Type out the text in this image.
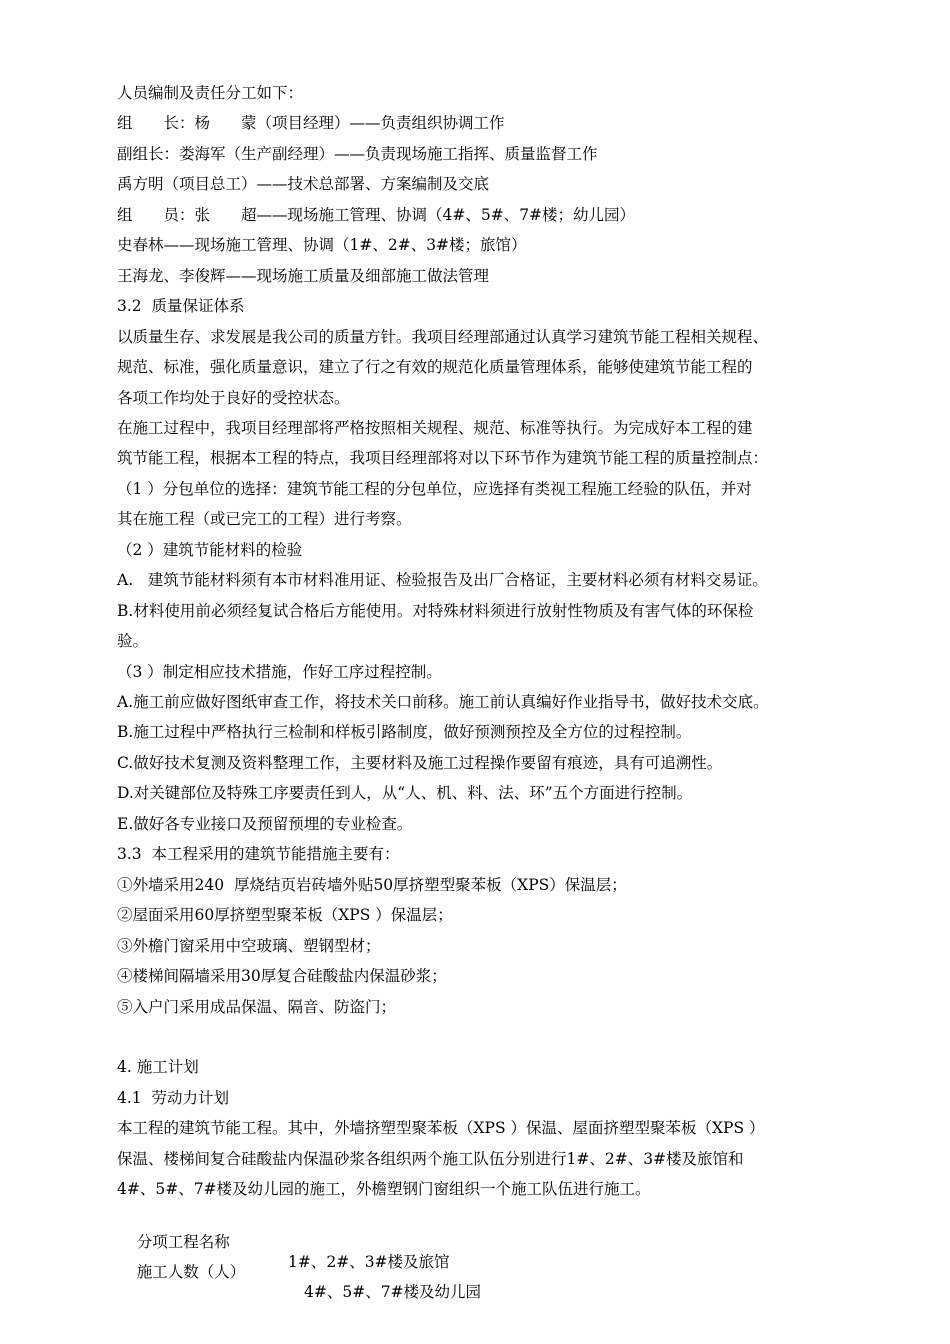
人员编制及责任分工如下：
组　　长：杨　　蒙（项目经理）——负责组织协调工作
副组长：娄海军（生产副经理）——负责现场施工指挥、质量监督工作
禹方明（项目总工）——技术总部署、方案编制及交底
组　　员：张　　超——现场施工管理、协调（4#、5#、7#楼；幼儿园）
史春林——现场施工管理、协调（1#、2#、3#楼；旅馆）
王海龙、李俊辉——现场施工质量及细部施工做法管理
3.2  质量保证体系
以质量生存、求发展是我公司的质量方针。我项目经理部通过认真学习建筑节能工程相关规程、
规范、标准，强化质量意识，建立了行之有效的规范化质量管理体系，能够使建筑节能工程的
各项工作均处于良好的受控状态。
在施工过程中，我项目经理部将严格按照相关规程、规范、标准等执行。为完成好本工程的建
筑节能工程，根据本工程的特点，我项目经理部将对以下环节作为建筑节能工程的质量控制点：
（1 ）分包单位的选择：建筑节能工程的分包单位，应选择有类视工程施工经验的队伍，并对
其在施工程（或已完工的工程）进行考察。
（2 ）建筑节能材料的检验
A.   建筑节能材料须有本市材料准用证、检验报告及出厂合格证，主要材料必须有材料交易证。
B.材料使用前必须经复试合格后方能使用。对特殊材料须进行放射性物质及有害气体的环保检
验。
（3 ）制定相应技术措施，作好工序过程控制。
A.施工前应做好图纸审查工作，将技术关口前移。施工前认真编好作业指导书，做好技术交底。
B.施工过程中严格执行三检制和样板引路制度，做好预测预控及全方位的过程控制。
C.做好技术复测及资料整理工作，主要材料及施工过程操作要留有痕迹，具有可追溯性。
D.对关键部位及特殊工序要责任到人，从“人、机、料、法、环”五个方面进行控制。
E.做好各专业接口及预留预埋的专业检查。
3.3  本工程采用的建筑节能措施主要有：
①外墙采用240  厚烧结页岩砖墙外贴50厚挤塑型聚苯板（XPS）保温层；
②屋面采用60厚挤塑型聚苯板（XPS ）保温层；
③外檐门窗采用中空玻璃、塑钢型材；
④楼梯间隔墙采用30厚复合硅酸盐内保温砂浆；
⑤入户门采用成品保温、隔音、防盗门；
4. 施工计划
4.1  劳动力计划
本工程的建筑节能工程。其中，外墙挤塑型聚苯板（XPS ）保温、屋面挤塑型聚苯板（XPS ）
保温、楼梯间复合硅酸盐内保温砂浆各组织两个施工队伍分别进行1#、2#、3#楼及旅馆和
4#、5#、7#楼及幼儿园的施工，外檐塑钢门窗组织一个施工队伍进行施工。

分项工程名称

1#、2#、3#楼及旅馆

施工人数（人）

4#、5#、7#楼及幼儿园
